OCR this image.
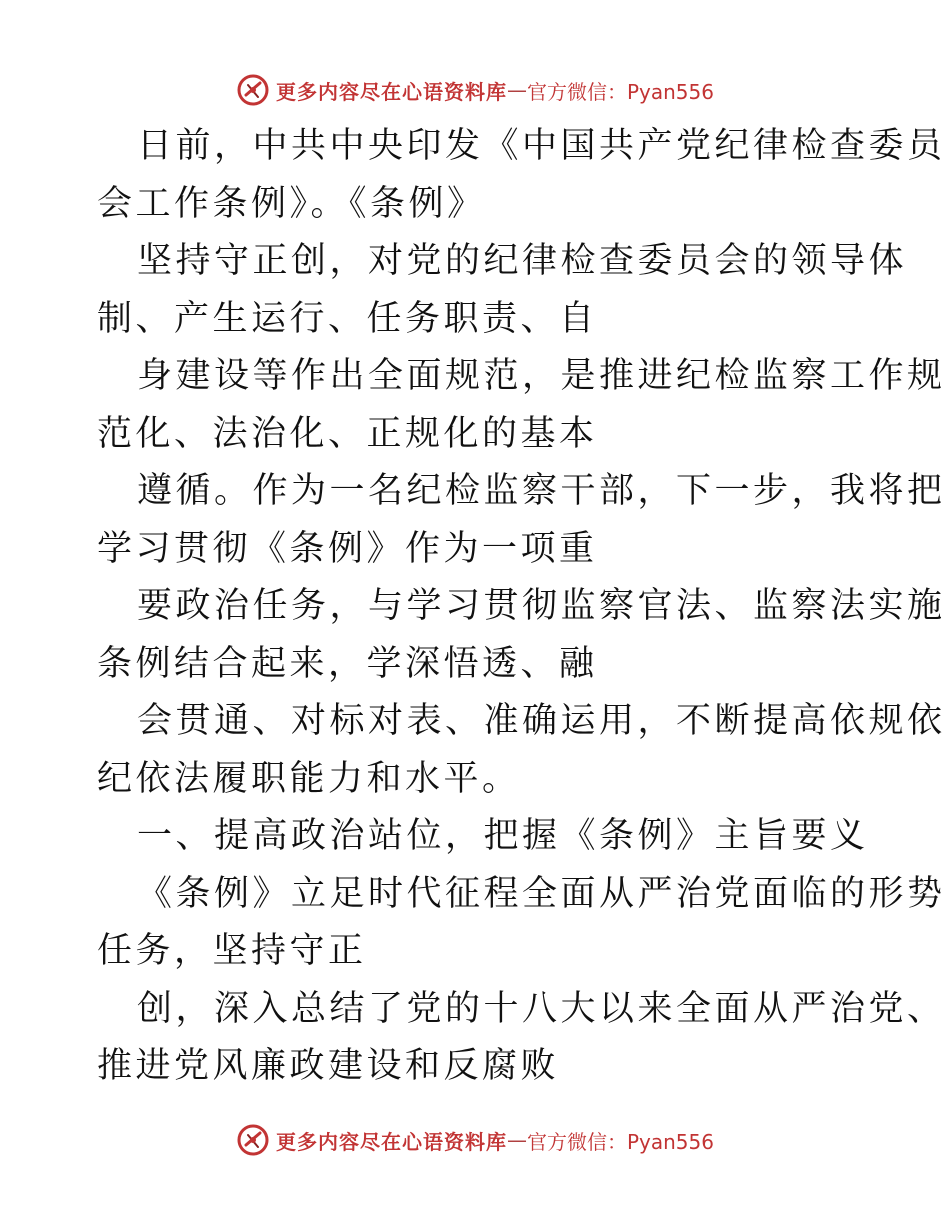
更多内容尽在心语资料库 — 官方微信：Pyan556

日前，中共中央印发《中国共产党纪律检查委员

会工作条例》。《条例》

坚持守正创，对党的纪律检查委员会的领导体

制、产生运行、任务职责、自

身建设等作出全面规范，是推进纪检监察工作规

范化、法治化、正规化的基本

遵循。作为一名纪检监察干部，下一步，我将把

学习贯彻《条例》作为一项重

要政治任务，与学习贯彻监察官法、监察法实施

条例结合起来，学深悟透、融

会贯通、对标对表、准确运用，不断提高依规依

纪依法履职能力和水平。

一、提高政治站位，把握《条例》主旨要义

《条例》立足时代征程全面从严治党面临的形势

任务，坚持守正

创，深入总结了党的十八大以来全面从严治党、

推进党风廉政建设和反腐败

更多内容尽在心语资料库 — 官方微信：Pyan556
